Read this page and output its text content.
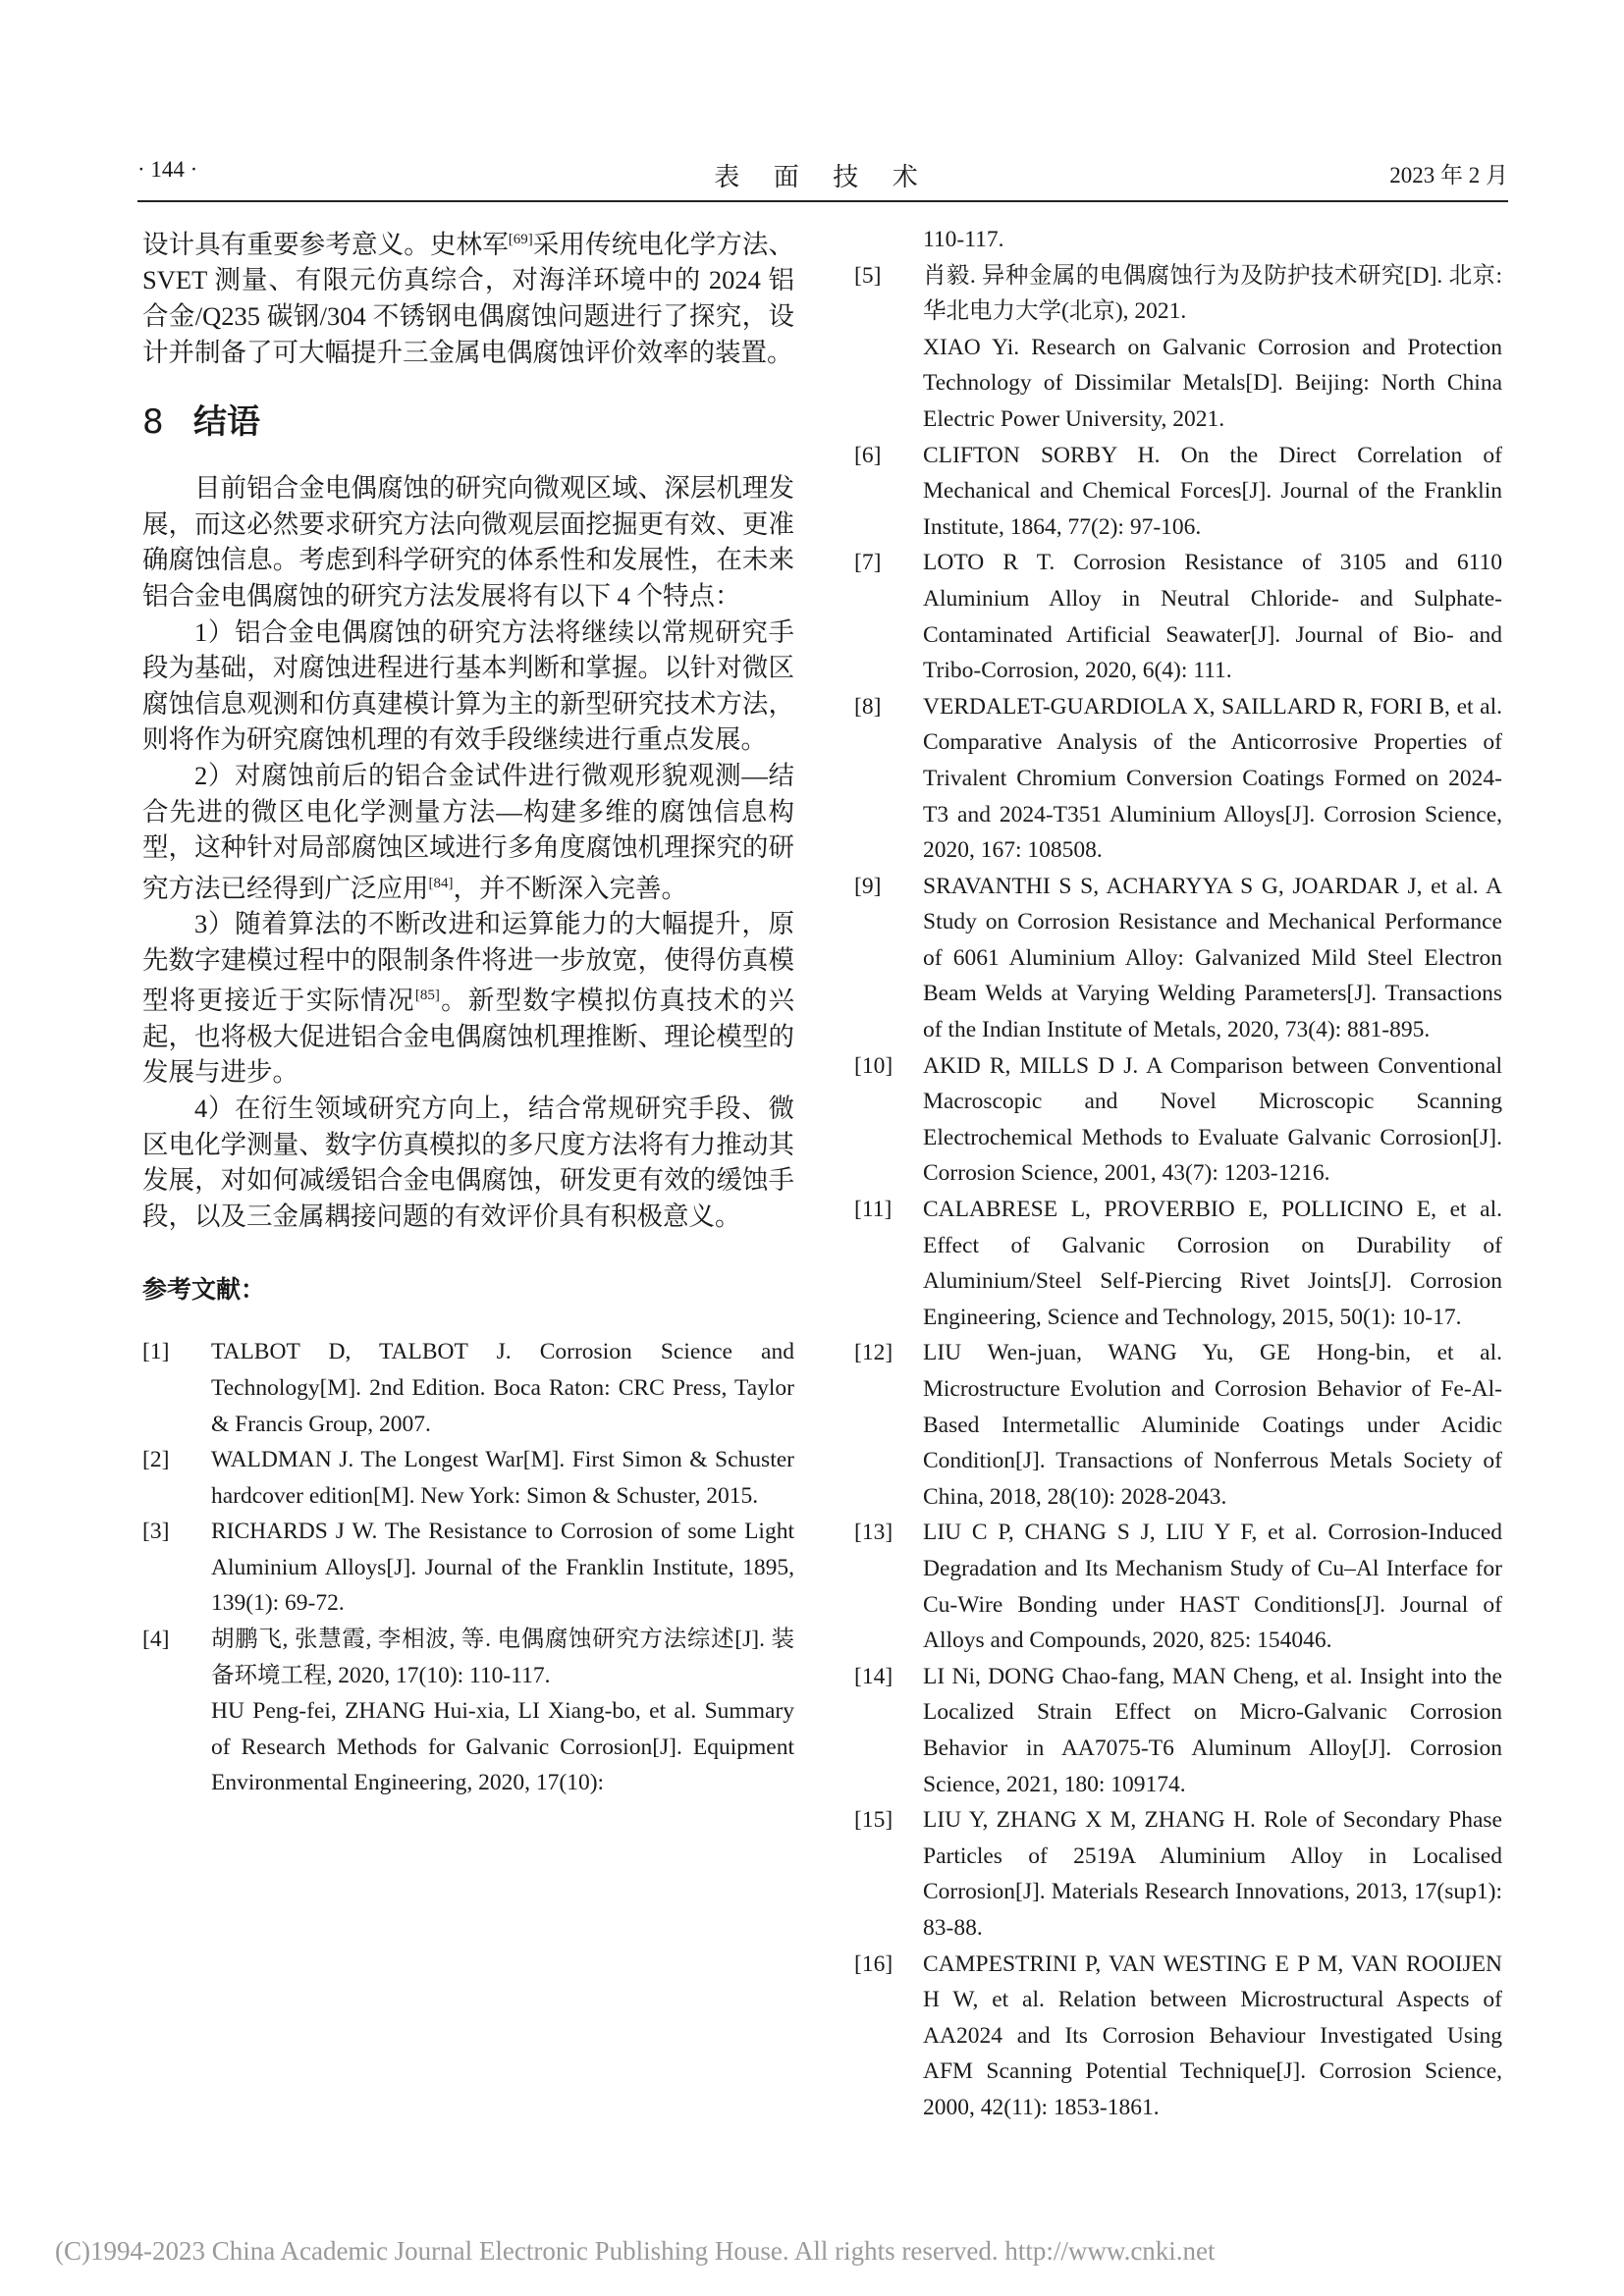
· 144 ·	表 面 技 术	2023 年 2 月

设计具有重要参考意义。史林军[69]采用传统电化学方法、SVET 测量、有限元仿真综合，对海洋环境中的 2024 铝合金/Q235 碳钢/304 不锈钢电偶腐蚀问题进行了探究，设计并制备了可大幅提升三金属电偶腐蚀评价效率的装置。

8 结语

目前铝合金电偶腐蚀的研究向微观区域、深层机理发展，而这必然要求研究方法向微观层面挖掘更有效、更准确腐蚀信息。考虑到科学研究的体系性和发展性，在未来铝合金电偶腐蚀的研究方法发展将有以下 4 个特点：

1）铝合金电偶腐蚀的研究方法将继续以常规研究手段为基础，对腐蚀进程进行基本判断和掌握。以针对微区腐蚀信息观测和仿真建模计算为主的新型研究技术方法，则将作为研究腐蚀机理的有效手段继续进行重点发展。

2）对腐蚀前后的铝合金试件进行微观形貌观测—结合先进的微区电化学测量方法—构建多维的腐蚀信息构型，这种针对局部腐蚀区域进行多角度腐蚀机理探究的研究方法已经得到广泛应用[84]，并不断深入完善。

3）随着算法的不断改进和运算能力的大幅提升，原先数字建模过程中的限制条件将进一步放宽，使得仿真模型将更接近于实际情况[85]。新型数字模拟仿真技术的兴起，也将极大促进铝合金电偶腐蚀机理推断、理论模型的发展与进步。

4）在衍生领域研究方向上，结合常规研究手段、微区电化学测量、数字仿真模拟的多尺度方法将有力推动其发展，对如何减缓铝合金电偶腐蚀，研发更有效的缓蚀手段，以及三金属耦接问题的有效评价具有积极意义。

参考文献：
[1]	TALBOT D, TALBOT J. Corrosion Science and Technology[M]. 2nd Edition. Boca Raton: CRC Press, Taylor & Francis Group, 2007.
[2]	WALDMAN J. The Longest War[M]. First Simon & Schuster hardcover edition[M]. New York: Simon & Schuster, 2015.
[3]	RICHARDS J W. The Resistance to Corrosion of some Light Aluminium Alloys[J]. Journal of the Franklin Institute, 1895, 139(1): 69-72.
[4]	胡鹏飞, 张慧霞, 李相波, 等. 电偶腐蚀研究方法综述[J]. 装备环境工程, 2020, 17(10): 110-117.
HU Peng-fei, ZHANG Hui-xia, LI Xiang-bo, et al. Summary of Research Methods for Galvanic Corrosion[J]. Equipment Environmental Engineering, 2020, 17(10):
110-117.
[5]	肖毅. 异种金属的电偶腐蚀行为及防护技术研究[D]. 北京: 华北电力大学(北京), 2021.
XIAO Yi. Research on Galvanic Corrosion and Protection Technology of Dissimilar Metals[D]. Beijing: North China Electric Power University, 2021.
[6]	CLIFTON SORBY H. On the Direct Correlation of Mechanical and Chemical Forces[J]. Journal of the Franklin Institute, 1864, 77(2): 97-106.
[7]	LOTO R T. Corrosion Resistance of 3105 and 6110 Aluminium Alloy in Neutral Chloride- and Sulphate-Contaminated Artificial Seawater[J]. Journal of Bio- and Tribo-Corrosion, 2020, 6(4): 111.
[8]	VERDALET-GUARDIOLA X, SAILLARD R, FORI B, et al. Comparative Analysis of the Anticorrosive Properties of Trivalent Chromium Conversion Coatings Formed on 2024-T3 and 2024-T351 Aluminium Alloys[J]. Corrosion Science, 2020, 167: 108508.
[9]	SRAVANTHI S S, ACHARYYA S G, JOARDAR J, et al. A Study on Corrosion Resistance and Mechanical Performance of 6061 Aluminium Alloy: Galvanized Mild Steel Electron Beam Welds at Varying Welding Parameters[J]. Transactions of the Indian Institute of Metals, 2020, 73(4): 881-895.
[10]	AKID R, MILLS D J. A Comparison between Conventional Macroscopic and Novel Microscopic Scanning Electrochemical Methods to Evaluate Galvanic Corrosion[J]. Corrosion Science, 2001, 43(7): 1203-1216.
[11]	CALABRESE L, PROVERBIO E, POLLICINO E, et al. Effect of Galvanic Corrosion on Durability of Aluminium/Steel Self-Piercing Rivet Joints[J]. Corrosion Engineering, Science and Technology, 2015, 50(1): 10-17.
[12]	LIU Wen-juan, WANG Yu, GE Hong-bin, et al. Microstructure Evolution and Corrosion Behavior of Fe-Al-Based Intermetallic Aluminide Coatings under Acidic Condition[J]. Transactions of Nonferrous Metals Society of China, 2018, 28(10): 2028-2043.
[13]	LIU C P, CHANG S J, LIU Y F, et al. Corrosion-Induced Degradation and Its Mechanism Study of Cu–Al Interface for Cu-Wire Bonding under HAST Conditions[J]. Journal of Alloys and Compounds, 2020, 825: 154046.
[14]	LI Ni, DONG Chao-fang, MAN Cheng, et al. Insight into the Localized Strain Effect on Micro-Galvanic Corrosion Behavior in AA7075-T6 Aluminum Alloy[J]. Corrosion Science, 2021, 180: 109174.
[15]	LIU Y, ZHANG X M, ZHANG H. Role of Secondary Phase Particles of 2519A Aluminium Alloy in Localised Corrosion[J]. Materials Research Innovations, 2013, 17(sup1): 83-88.
[16]	CAMPESTRINI P, VAN WESTING E P M, VAN ROOIJEN H W, et al. Relation between Microstructural Aspects of AA2024 and Its Corrosion Behaviour Investigated Using AFM Scanning Potential Technique[J]. Corrosion Science, 2000, 42(11): 1853-1861.
(C)1994-2023 China Academic Journal Electronic Publishing House. All rights reserved. http://www.cnki.net
